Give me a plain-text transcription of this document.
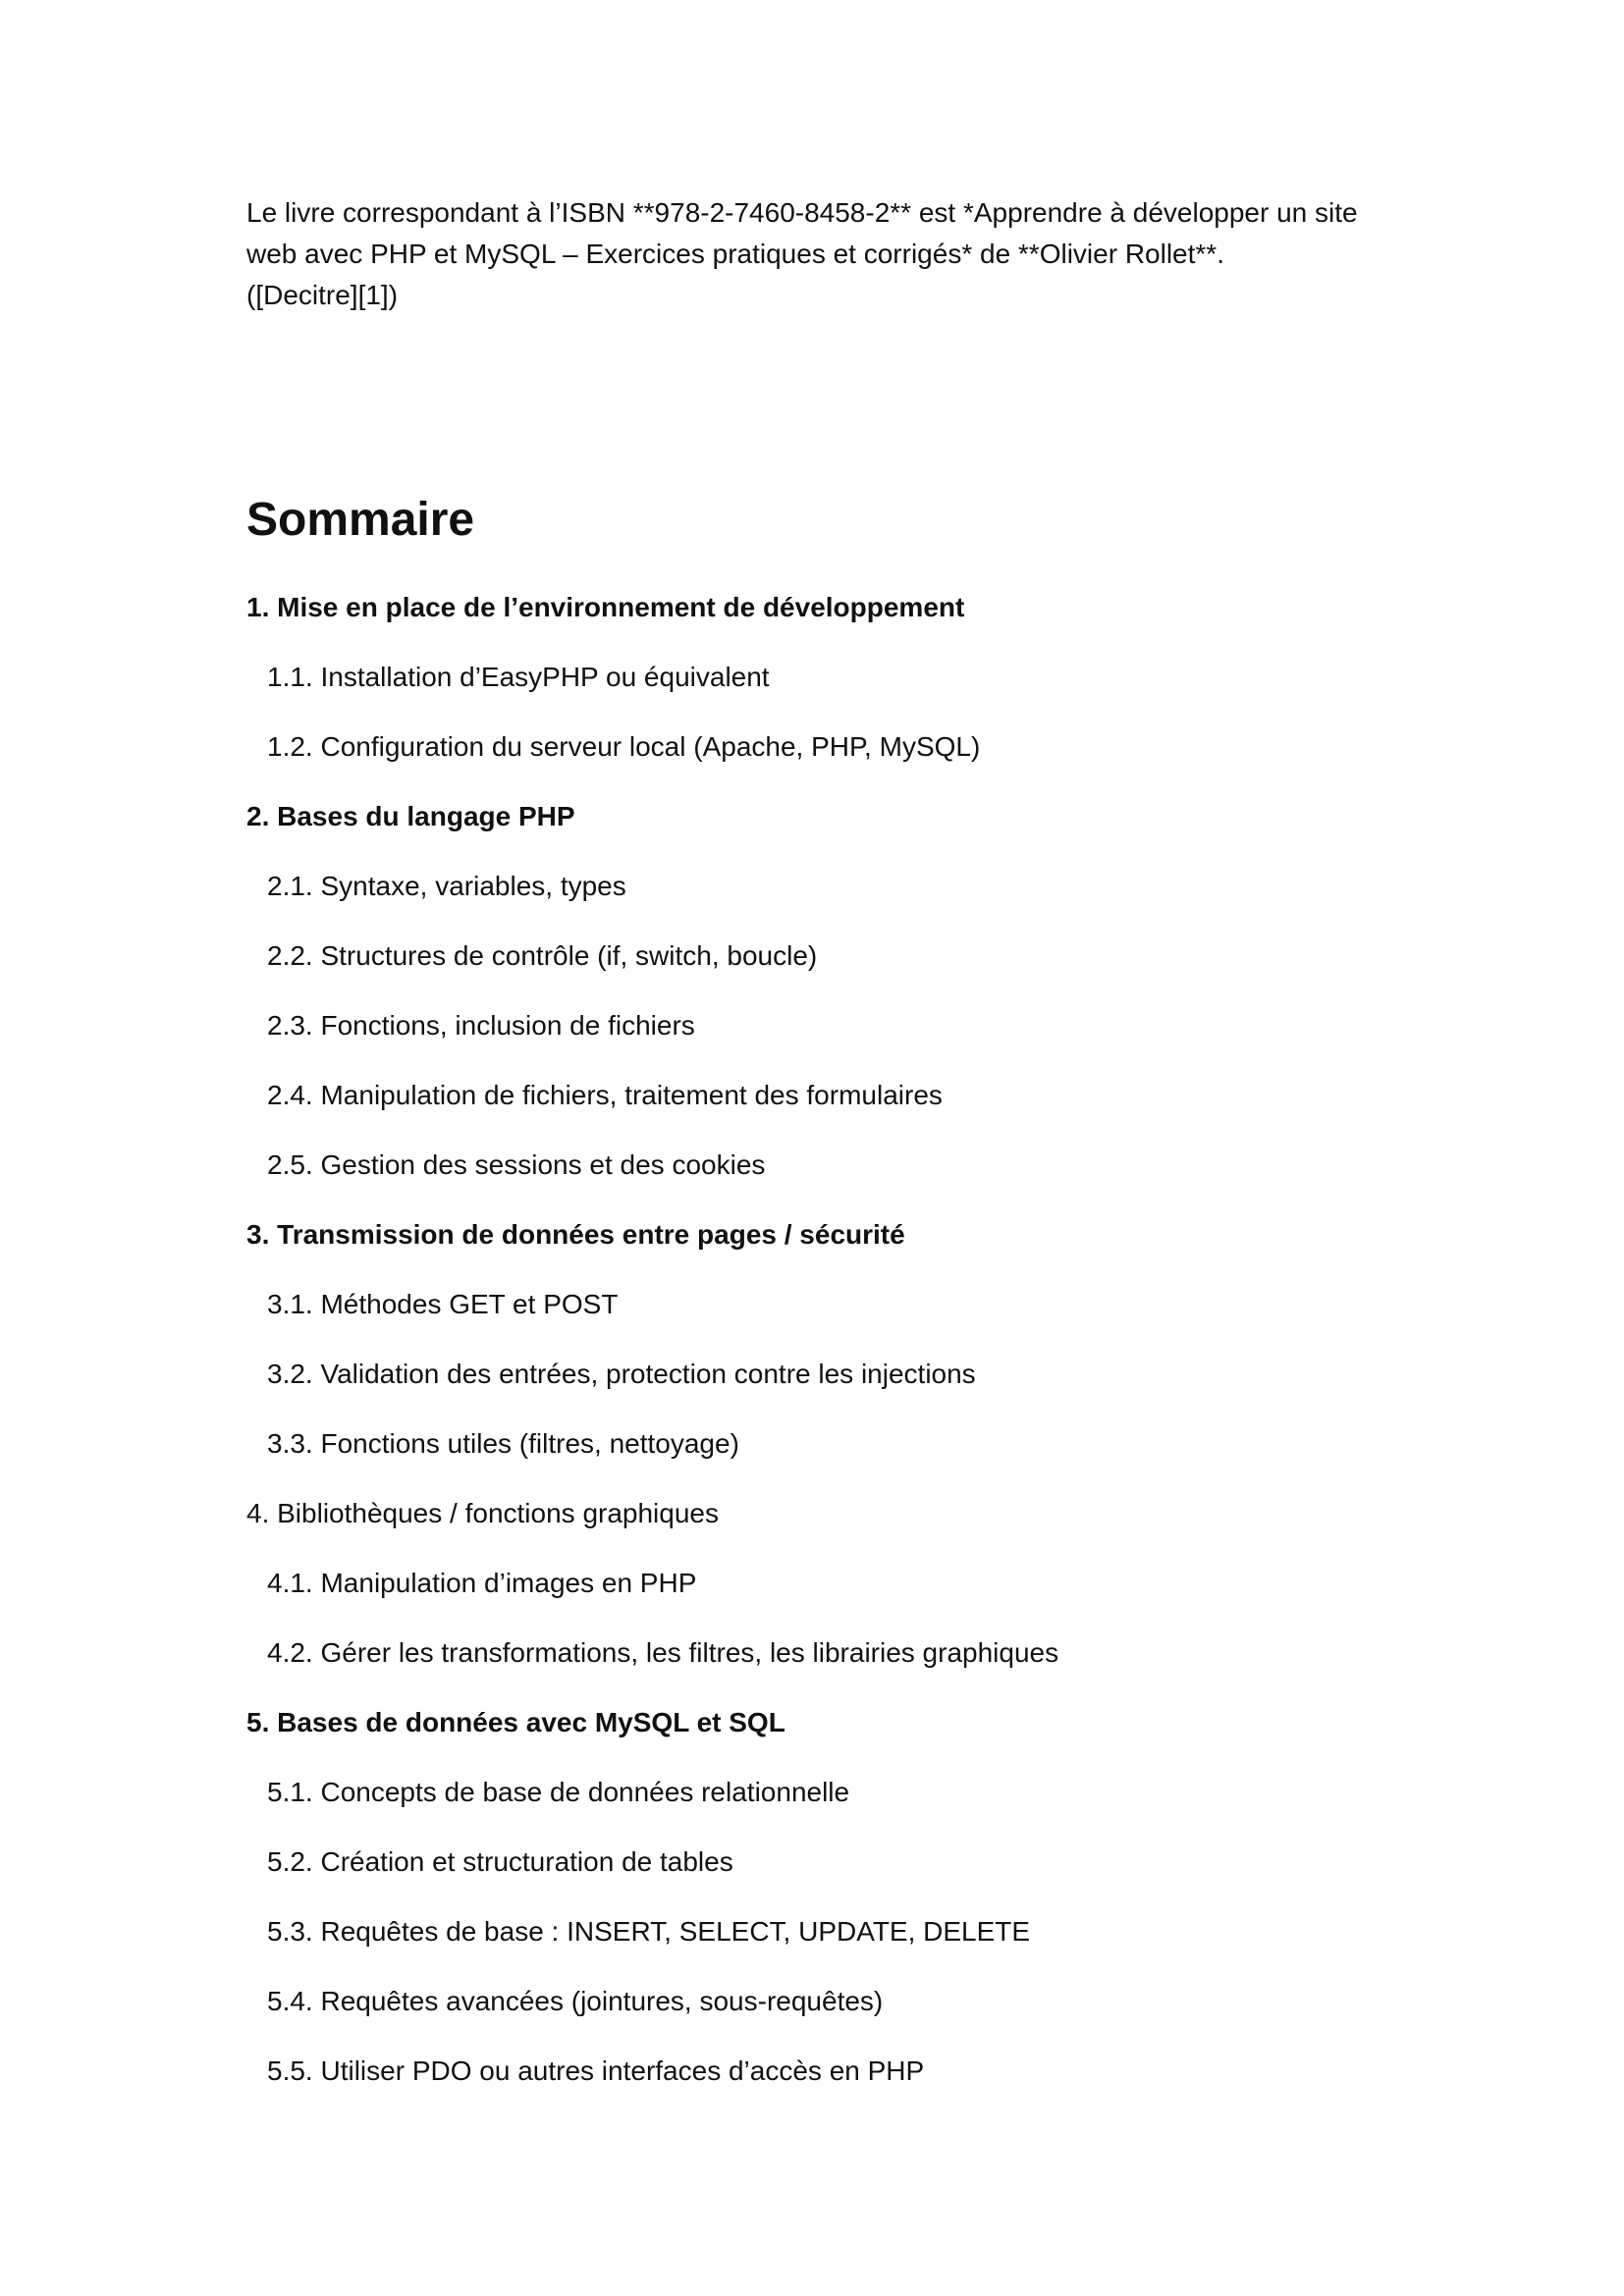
Le livre correspondant à l’ISBN **978-2-7460-8458-2** est *Apprendre à développer un site

web avec PHP et MySQL – Exercices pratiques et corrigés* de **Olivier Rollet**.

([Decitre][1])

Sommaire
1. Mise en place de l’environnement de développement
1.1. Installation d’EasyPHP ou équivalent
1.2. Configuration du serveur local (Apache, PHP, MySQL)
2. Bases du langage PHP
2.1. Syntaxe, variables, types
2.2. Structures de contrôle (if, switch, boucle)
2.3. Fonctions, inclusion de fichiers
2.4. Manipulation de fichiers, traitement des formulaires
2.5. Gestion des sessions et des cookies
3. Transmission de données entre pages / sécurité
3.1. Méthodes GET et POST
3.2. Validation des entrées, protection contre les injections
3.3. Fonctions utiles (filtres, nettoyage)
4. Bibliothèques / fonctions graphiques
4.1. Manipulation d’images en PHP
4.2. Gérer les transformations, les filtres, les librairies graphiques
5. Bases de données avec MySQL et SQL
5.1. Concepts de base de données relationnelle
5.2. Création et structuration de tables
5.3. Requêtes de base : INSERT, SELECT, UPDATE, DELETE
5.4. Requêtes avancées (jointures, sous-requêtes)
5.5. Utiliser PDO ou autres interfaces d’accès en PHP
